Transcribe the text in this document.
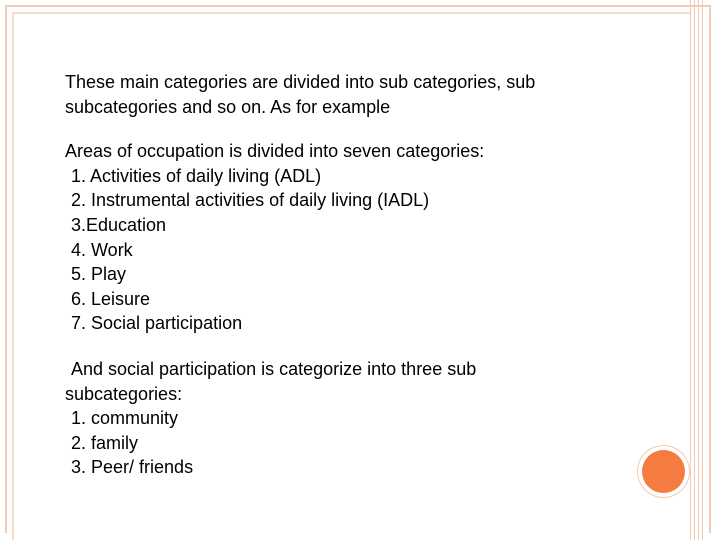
These main categories are divided into sub categories, sub
subcategories and so on. As for example

Areas of occupation is divided into seven categories:
1. Activities of daily living (ADL)
2. Instrumental activities of daily living (IADL)
3.Education
4. Work
5. Play
6. Leisure
7. Social participation
And social participation is categorize into three sub
subcategories:
1. community
2. family
3. Peer/ friends
